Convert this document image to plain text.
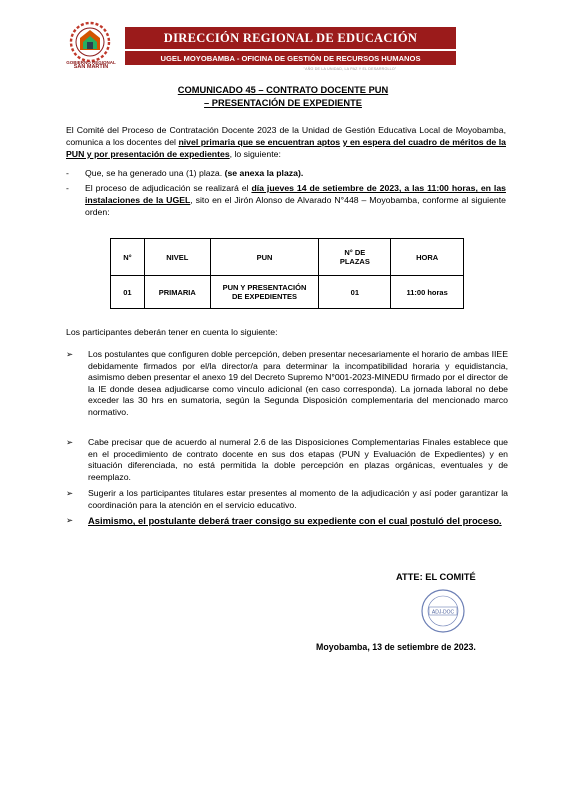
GOBIERNO REGIONAL
SAN MARTÍN
DIRECCIÓN REGIONAL DE EDUCACIÓN
UGEL MOYOBAMBA - OFICINA DE GESTIÓN DE RECURSOS HUMANOS
"AÑO DE LA UNIDAD, LA PAZ Y EL DESARROLLO"
COMUNICADO 45 – CONTRATO DOCENTE PUN
– PRESENTACIÓN DE EXPEDIENTE
El Comité del Proceso de Contratación Docente 2023 de la Unidad de Gestión Educativa Local de Moyobamba, comunica a los docentes del nivel primaria que se encuentran aptos y en espera del cuadro de méritos de la PUN y por presentación de expedientes, lo siguiente:
- Que, se ha generado una (1) plaza. (se anexa la plaza).
- El proceso de adjudicación se realizará el día jueves 14 de setiembre de 2023, a las 11:00 horas, en las instalaciones de la UGEL, sito en el Jirón Alonso de Alvarado N°448 – Moyobamba, conforme al siguiente orden:
N°	NIVEL	PUN	N° DE PLAZAS	HORA
01	PRIMARIA	PUN Y PRESENTACIÓN DE EXPEDIENTES	01	11:00 horas
Los participantes deberán tener en cuenta lo siguiente:
➢ Los postulantes que configuren doble percepción, deben presentar necesariamente el horario de ambas IIEE debidamente firmados por el/la director/a para determinar la incompatibilidad horaria y equidistancia, asimismo deben presentar el anexo 19 del Decreto Supremo N°001-2023-MINEDU firmado por el director de la IE donde desea adjudicarse como vinculo adicional (en caso corresponda). La jornada laboral no debe exceder las 30 hrs en sumatoria, según la Segunda Disposición complementaria del mencionado marco normativo.
➢ Cabe precisar que de acuerdo al numeral 2.6 de las Disposiciones Complementarias Finales establece que en el procedimiento de contrato docente en sus dos etapas (PUN y Evaluación de Expedientes) y en situación diferenciada, no está permitida la doble percepción en plazas orgánicas, eventuales y de reemplazo.
➢ Sugerir a los participantes titulares estar presentes al momento de la adjudicación y así poder garantizar la coordinación para la atención en el servicio educativo.
➢ Asimismo, el postulante deberá traer consigo su expediente con el cual postuló del proceso.
ATTE: EL COMITÉ
ADJ-DOC
Moyobamba, 13 de setiembre de 2023.
